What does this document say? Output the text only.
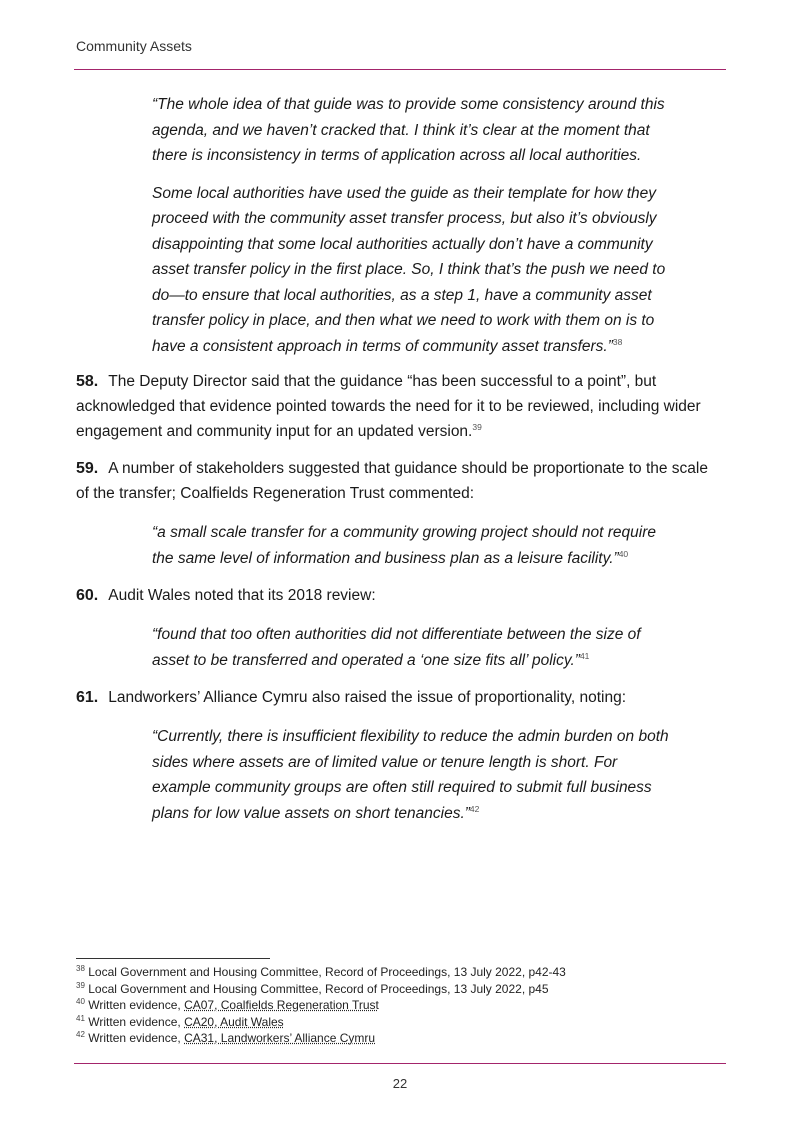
Community Assets

“The whole idea of that guide was to provide some consistency around this agenda, and we haven’t cracked that. I think it’s clear at the moment that there is inconsistency in terms of application across all local authorities.

Some local authorities have used the guide as their template for how they proceed with the community asset transfer process, but also it’s obviously disappointing that some local authorities actually don’t have a community asset transfer policy in the first place. So, I think that’s the push we need to do—to ensure that local authorities, as a step 1, have a community asset transfer policy in place, and then what we need to work with them on is to have a consistent approach in terms of community asset transfers.”$^{38}$

58. The Deputy Director said that the guidance “has been successful to a point”, but acknowledged that evidence pointed towards the need for it to be reviewed, including wider engagement and community input for an updated version.$^{39}$

59. A number of stakeholders suggested that guidance should be proportionate to the scale of the transfer; Coalfields Regeneration Trust commented:

“a small scale transfer for a community growing project should not require the same level of information and business plan as a leisure facility.”$^{40}$

60. Audit Wales noted that its 2018 review:

“found that too often authorities did not differentiate between the size of asset to be transferred and operated a ‘one size fits all’ policy.”$^{41}$

61. Landworkers’ Alliance Cymru also raised the issue of proportionality, noting:

“Currently, there is insufficient flexibility to reduce the admin burden on both sides where assets are of limited value or tenure length is short. For example community groups are often still required to submit full business plans for low value assets on short tenancies.”$^{42}$

$^{38}$ Local Government and Housing Committee, Record of Proceedings, 13 July 2022, p42-43
$^{39}$ Local Government and Housing Committee, Record of Proceedings, 13 July 2022, p45
$^{40}$ Written evidence, CA07, Coalfields Regeneration Trust
$^{41}$ Written evidence, CA20, Audit Wales
$^{42}$ Written evidence, CA31, Landworkers’ Alliance Cymru
22
